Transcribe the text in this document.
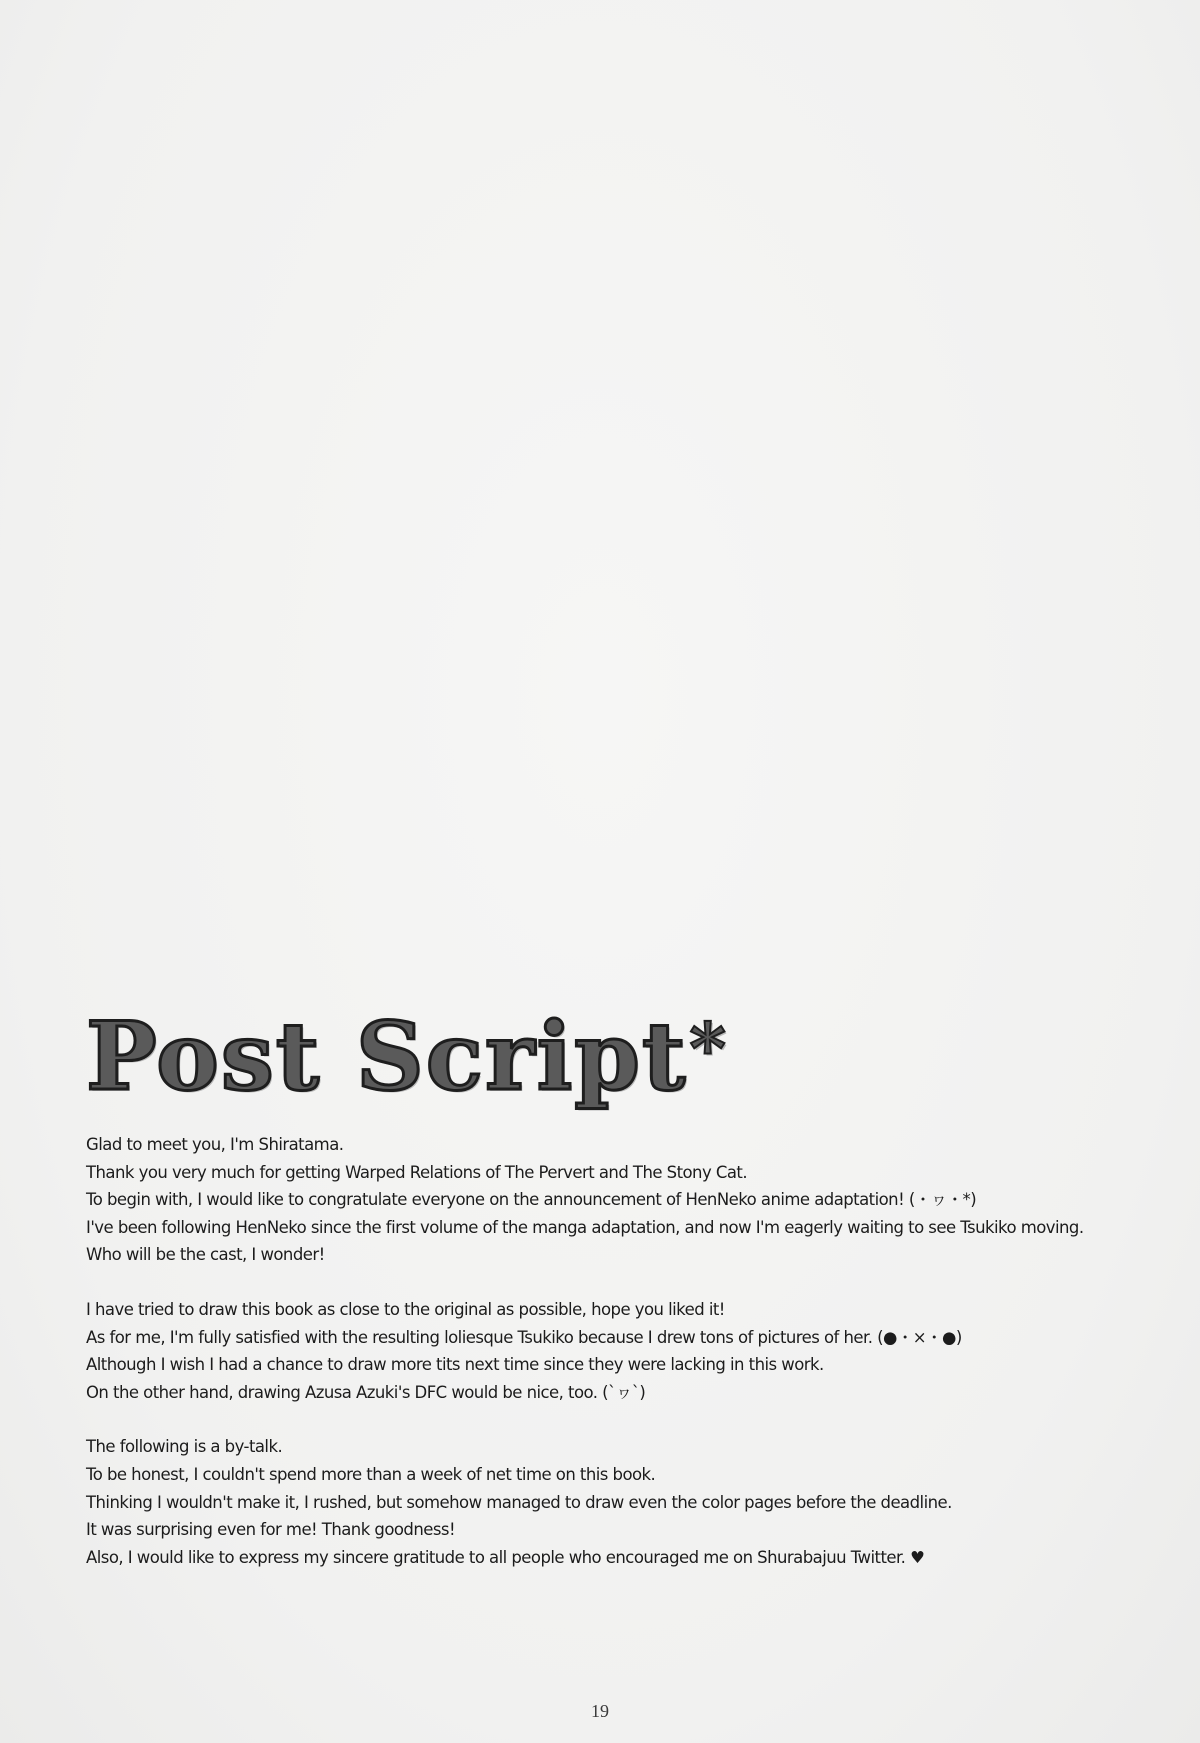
Post Script*
Glad to meet you, I'm Shiratama.
Thank you very much for getting Warped Relations of The Pervert and The Stony Cat.
To begin with, I would like to congratulate everyone on the announcement of HenNeko anime adaptation! (・ヮ・*)
I've been following HenNeko since the first volume of the manga adaptation, and now I'm eagerly waiting to see Tsukiko moving.
Who will be the cast, I wonder!
I have tried to draw this book as close to the original as possible, hope you liked it!
As for me, I'm fully satisfied with the resulting loliesque Tsukiko because I drew tons of pictures of her. (●・×・●)
Although I wish I had a chance to draw more tits next time since they were lacking in this work.
On the other hand, drawing Azusa Azuki's DFC would be nice, too. (`ヮ`)
The following is a by-talk.
To be honest, I couldn't spend more than a week of net time on this book.
Thinking I wouldn't make it, I rushed, but somehow managed to draw even the color pages before the deadline.
It was surprising even for me! Thank goodness!
Also, I would like to express my sincere gratitude to all people who encouraged me on Shurabajuu Twitter. ♥
19
